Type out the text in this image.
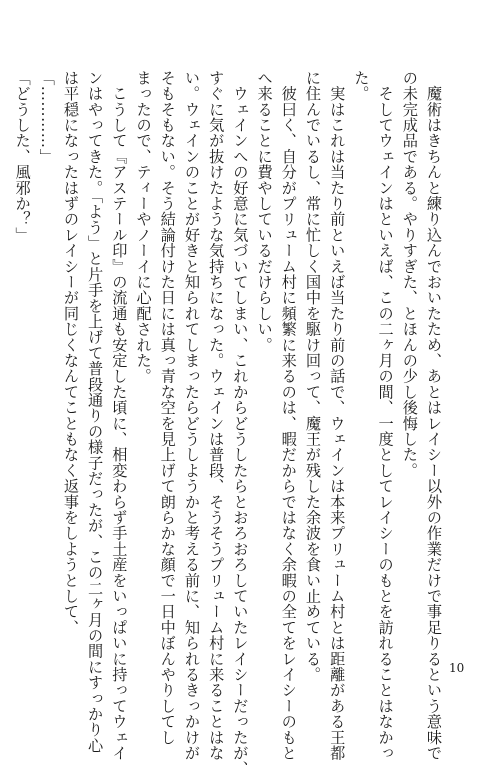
　魔術はきちんと練り込んでおいたため、あとはレイシー以外の作業だけで事足りるという意味で
の未完成品である。やりすぎた、とほんの少し後悔した。
　そしてウェインはといえば、この二ヶ月の間、一度としてレイシーのもとを訪れることはなかっ
た。
　実はこれは当たり前といえば当たり前の話で、ウェインは本来プリューム村とは距離がある王都
に住んでいるし、常に忙しく国中を駆け回って、魔王が残した余波を食い止めている。
　彼曰く、自分がプリューム村に頻繁に来るのは、暇だからではなく余暇の全てをレイシーのもと
へ来ることに費やしているだけらしい。
　ウェインへの好意に気づいてしまい、これからどうしたらとおろおろしていたレイシーだったが、
すぐに気が抜けたような気持ちになった。ウェインは普段、そうそうプリューム村に来ることはな
い。ウェインのことが好きと知られてしまったらどうしようかと考える前に、知られるきっかけが
そもそもない。そう結論付けた日には真っ青な空を見上げて朗らかな顔で一日中ぼんやりしてし
まったので、ティーやノーイに心配された。
　こうして『アステール印』の流通も安定した頃に、相変わらず手土産をいっぱいに持ってウェイ
ンはやってきた。「よう」と片手を上げて普段通りの様子だったが、この二ヶ月の間にすっかり心
は平穏になったはずのレイシーが同じくなんてこともなく返事をしようとして、
「…………」
「どうした、風邪か？」
10
